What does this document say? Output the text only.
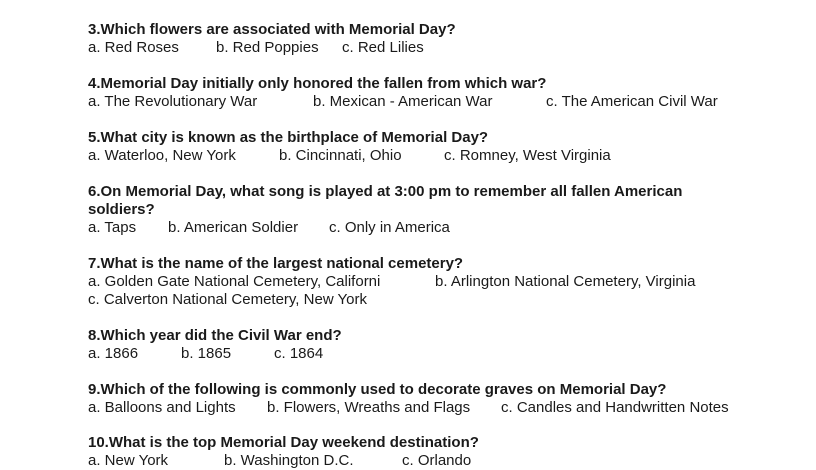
3.Which flowers are associated with Memorial Day?
a. Red Roses b. Red Poppies c. Red Lilies
4.Memorial Day initially only honored the fallen from which war?
a. The Revolutionary War	b. Mexican - American War	c. The American Civil War
5.What city is known as the birthplace of Memorial Day?
a. Waterloo, New York	b. Cincinnati, Ohio	c. Romney, West Virginia
6.On Memorial Day, what song is played at 3:00 pm to remember all fallen American soldiers?
a. Taps b. American Soldier c. Only in America
7.What is the name of the largest national cemetery?
a. Golden Gate National Cemetery, Californi	b. Arlington National Cemetery, Virginia
c. Calverton National Cemetery, New York
8.Which year did the Civil War end?
a. 1866	b. 1865	c. 1864
9.Which of the following is commonly used to decorate graves on Memorial Day?
a. Balloons and Lights b. Flowers, Wreaths and Flags c. Candles and Handwritten Notes
10.What is the top Memorial Day weekend destination?
a. New York	b. Washington D.C.	c. Orlando
